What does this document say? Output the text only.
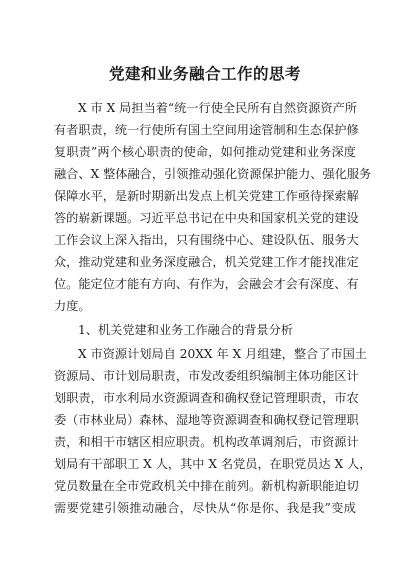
党建和业务融合工作的思考
X 市 X 局担当着“统一行使全民所有自然资源资产所
有者职责，统一行使所有国土空间用途管制和生态保护修
复职责”两个核心职责的使命，如何推动党建和业务深度
融合、X 整体融合，引领推动强化资源保护能力、强化服务
保障水平，是新时期新出发点上机关党建工作亟待探索解
答的崭新课题。习近平总书记在中央和国家机关党的建设
工作会议上深入指出，只有围绕中心、建设队伍、服务大
众，推动党建和业务深度融合，机关党建工作才能找准定
位。能定位才能有方向、有作为，会融会才会有深度、有
力度。
1、机关党建和业务工作融合的背景分析
X 市资源计划局自 20XX 年 X 月组建，整合了市国土
资源局、市计划局职责，市发改委组织编制主体功能区计
划职责，市水利局水资源调查和确权登记管理职责，市农
委（市林业局）森林、湿地等资源调查和确权登记管理职
责，和相干市辖区相应职责。机构改革调剂后，市资源计
划局有干部职工 X 人，其中 X 名党员，在职党员达 X 人，
党员数量在全市党政机关中排在前列。新机构新职能迫切
需要党建引领推动融合，尽快从“你是你、我是我”变成
